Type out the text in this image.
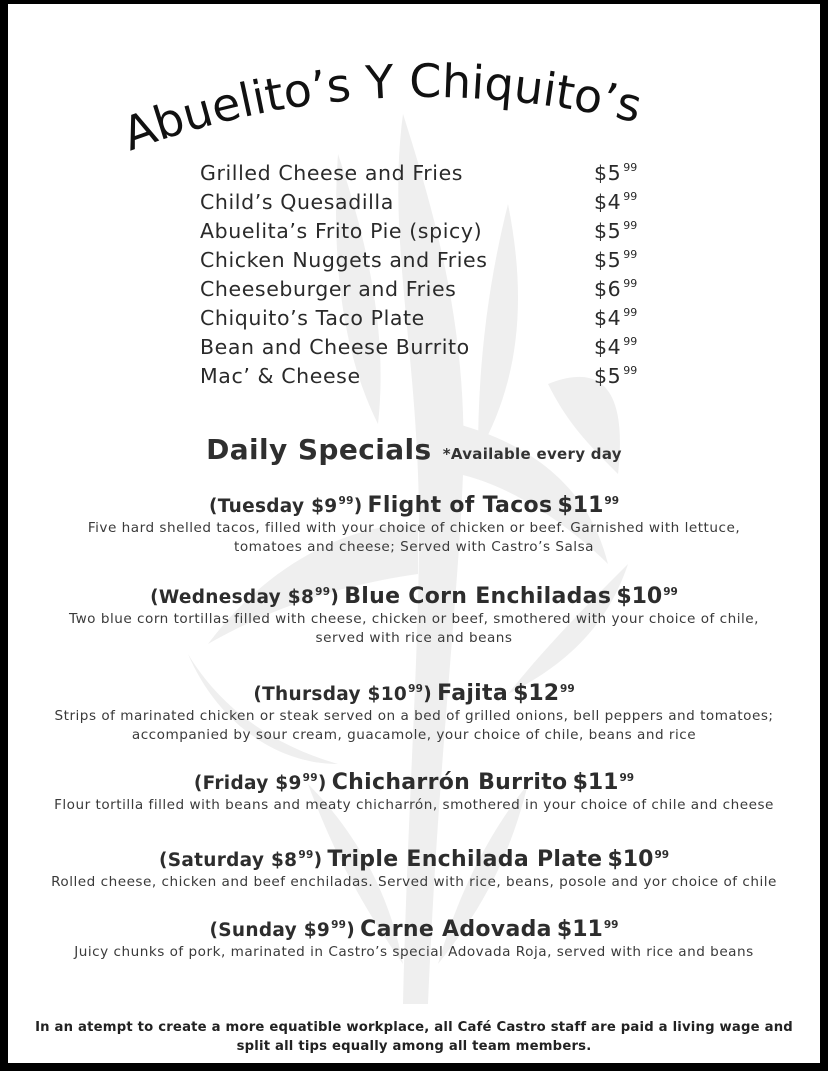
Abuelito’s Y Chiquito’s
Grilled Cheese and Fries	$5 $^{99}$
Child’s Quesadilla	$4 $^{99}$
Abuelita’s Frito Pie (spicy)	$5 $^{99}$
Chicken Nuggets and Fries	$5 $^{99}$
Cheeseburger and Fries	$6 $^{99}$
Chiquito’s Taco Plate	$4 $^{99}$
Bean and Cheese Burrito	$4 $^{99}$
Mac’ & Cheese	$5 $^{99}$
Daily Specials *Available every day
(Tuesday $\$9^{99}$) Flight of Tacos $\$11^{99}$
Five hard shelled tacos, filled with your choice of chicken or beef. Garnished with lettuce,
tomatoes and cheese; Served with Castro’s Salsa
(Wednesday $\$8^{99}$) Blue Corn Enchiladas $\$10^{99}$
Two blue corn tortillas filled with cheese, chicken or beef, smothered with your choice of chile,
served with rice and beans
(Thursday $\$10^{99}$) Fajita $\$12^{99}$
Strips of marinated chicken or steak served on a bed of grilled onions, bell peppers and tomatoes;
accompanied by sour cream, guacamole, your choice of chile, beans and rice
(Friday $\$9^{99}$) Chicharrón Burrito $\$11^{99}$
Flour tortilla filled with beans and meaty chicharrón, smothered in your choice of chile and cheese
(Saturday $\$8^{99}$) Triple Enchilada Plate $\$10^{99}$
Rolled cheese, chicken and beef enchiladas. Served with rice, beans, posole and yor choice of chile
(Sunday $\$9^{99}$) Carne Adovada $\$11^{99}$
Juicy chunks of pork, marinated in Castro’s special Adovada Roja, served with rice and beans
In an atempt to create a more equatible workplace, all Café Castro staff are paid a living wage and
split all tips equally among all team members.
